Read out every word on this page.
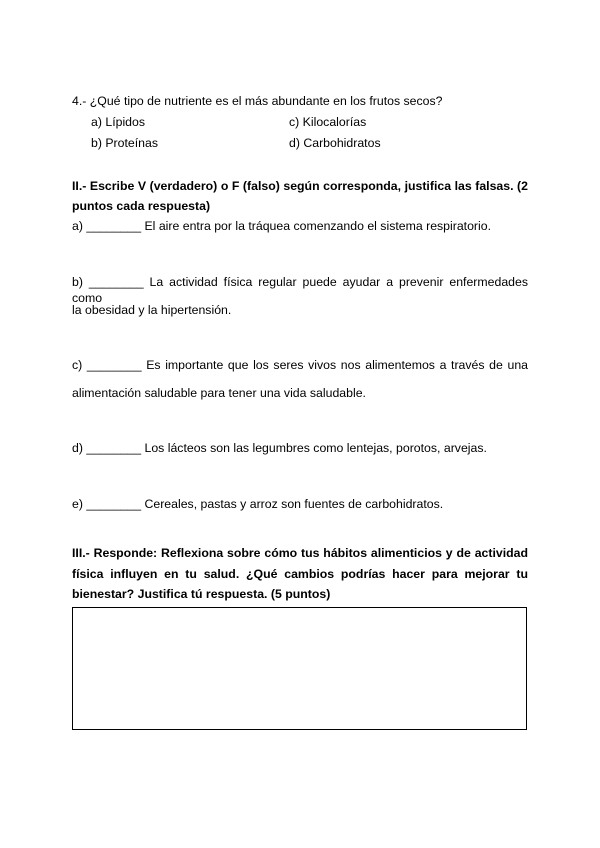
4.- ¿Qué tipo de nutriente es el más abundante en los frutos secos?
a) Lípidos
b) Proteínas
c) Kilocalorías
d) Carbohidratos
II.- Escribe V (verdadero) o F (falso) según corresponda, justifica las falsas. (2
puntos cada respuesta)
a) ________ El aire entra por la tráquea comenzando el sistema respiratorio.
b) ________ La actividad física regular puede ayudar a prevenir enfermedades como
la obesidad y la hipertensión.
c) ________ Es importante que los seres vivos nos alimentemos a través de una
alimentación saludable para tener una vida saludable.
d) ________ Los lácteos son las legumbres como lentejas, porotos, arvejas.
e) ________ Cereales, pastas y arroz son fuentes de carbohidratos.
III.- Responde: Reflexiona sobre cómo tus hábitos alimenticios y de actividad
física influyen en tu salud. ¿Qué cambios podrías hacer para mejorar tu
bienestar? Justifica tú respuesta. (5 puntos)
